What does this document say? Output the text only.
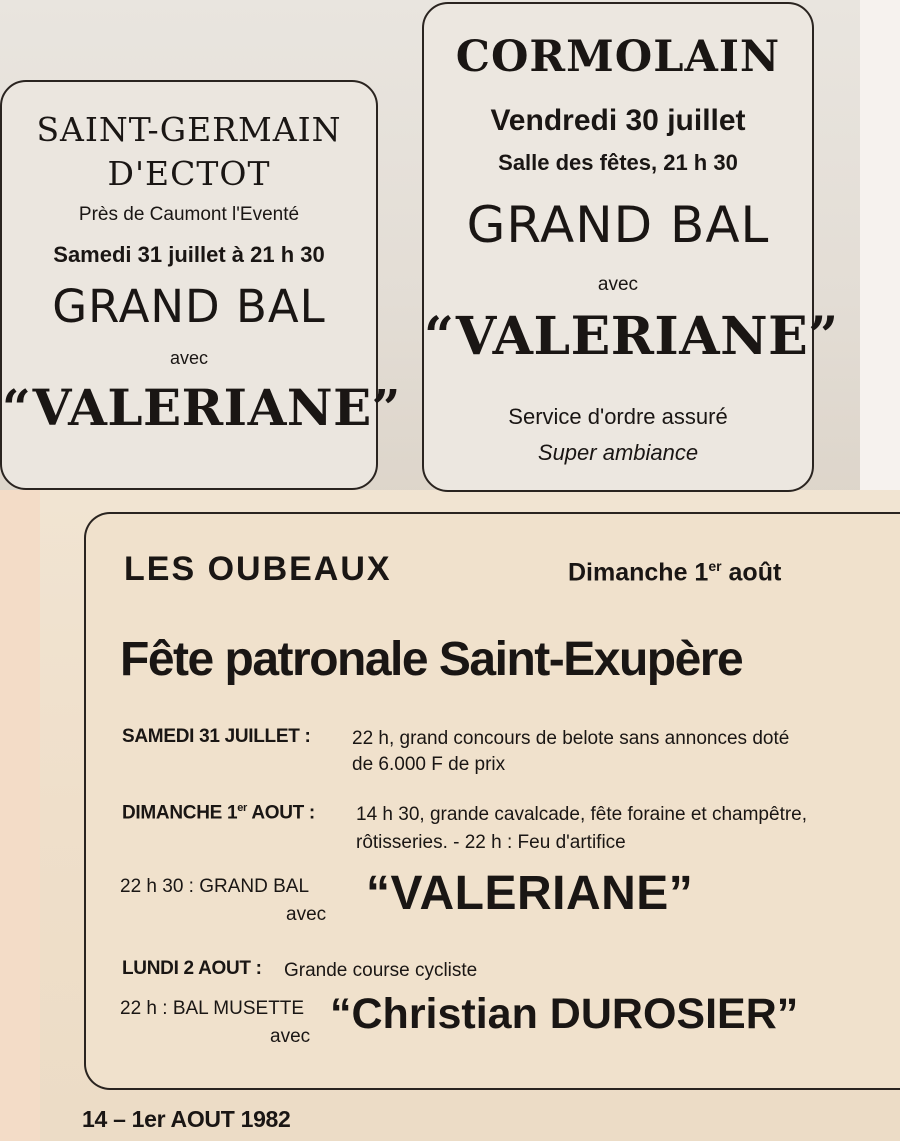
SAINT-GERMAIN
D'ECTOT
Près de Caumont l'Eventé
Samedi 31 juillet à 21 h 30
GRAND BAL
avec
“VALERIANE”
CORMOLAIN
Vendredi 30 juillet
Salle des fêtes, 21 h 30
GRAND BAL
avec
“VALERIANE”
Service d'ordre assuré
Super ambiance
LES OUBEAUX	Dimanche 1er août
Fête patronale Saint-Exupère
SAMEDI 31 JUILLET : 22 h, grand concours de belote sans annonces doté
de 6.000 F de prix
DIMANCHE 1er AOUT : 14 h 30, grande cavalcade, fête foraine et champêtre,
rôtisseries. - 22 h : Feu d'artifice
22 h 30 : GRAND BAL
avec “VALERIANE”
LUNDI 2 AOUT : Grande course cycliste
22 h : BAL MUSETTE
avec “Christian DUROSIER”
14 – 1er AOUT 1982
